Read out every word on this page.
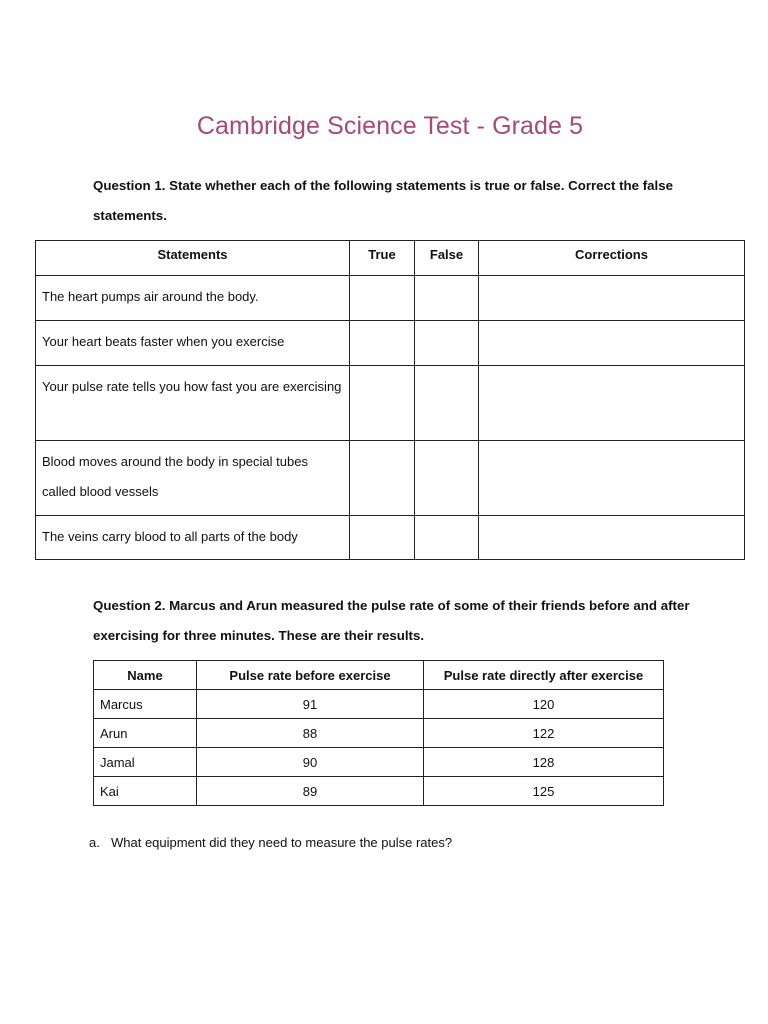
Cambridge Science Test - Grade 5

Question 1. State whether each of the following statements is true or false. Correct the false statements.

Statements	True	False	Corrections
The heart pumps air around the body.			
Your heart beats faster when you exercise			
Your pulse rate tells you how fast you are exercising			
Blood moves around the body in special tubes called blood vessels			
The veins carry blood to all parts of the body			

Question 2. Marcus and Arun measured the pulse rate of some of their friends before and after exercising for three minutes. These are their results.

Name	Pulse rate before exercise	Pulse rate directly after exercise
Marcus	91	120
Arun	88	122
Jamal	90	128
Kai	89	125

a. What equipment did they need to measure the pulse rates?
